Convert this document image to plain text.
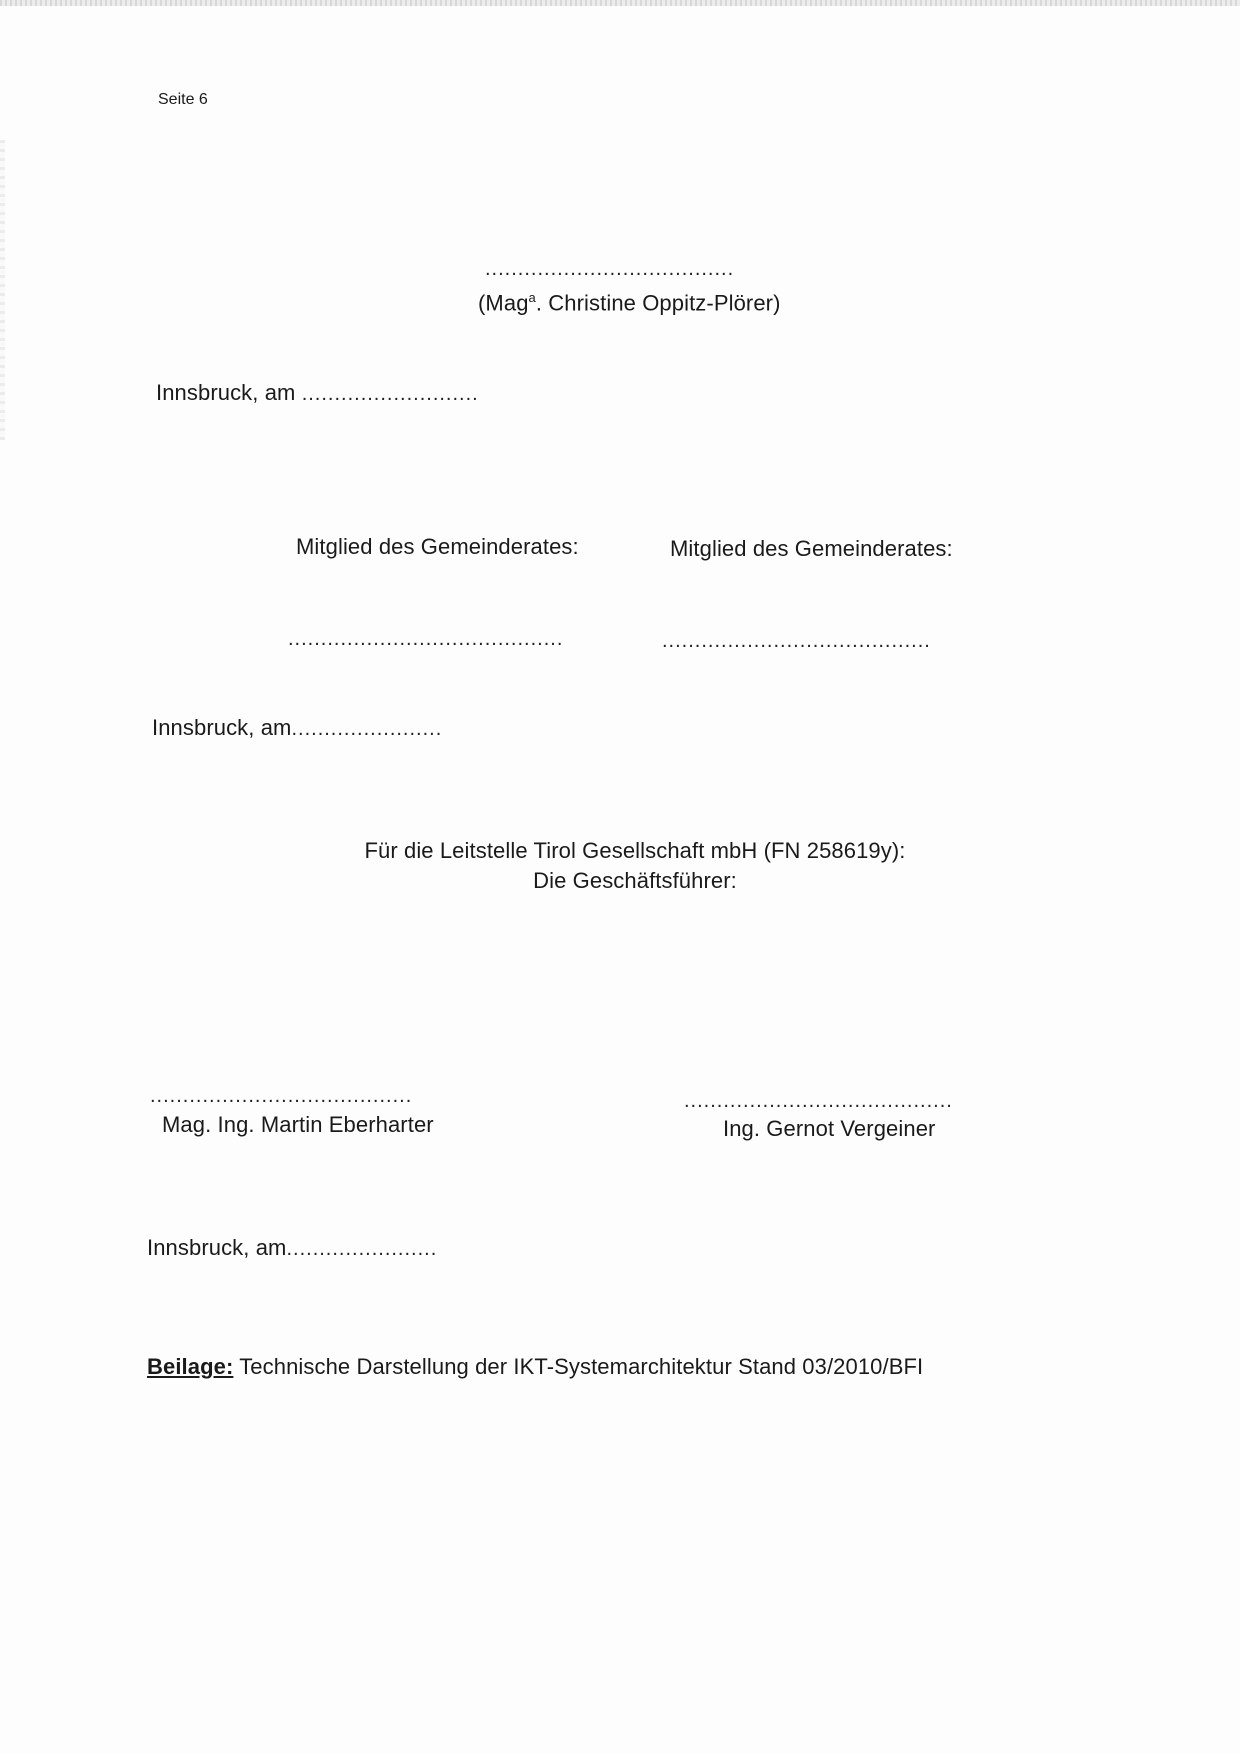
Seite 6
......................................
(Mag$^a$. Christine Oppitz-Plörer)
Innsbruck, am ...........................
Mitglied des Gemeinderates:	Mitglied des Gemeinderates:
..........................................	.........................................
Innsbruck, am.......................
Für die Leitstelle Tirol Gesellschaft mbH (FN 258619y):
Die Geschäftsführer:
........................................
Mag. Ing. Martin Eberharter
.........................................
Ing. Gernot Vergeiner
Innsbruck, am.......................
Beilage: Technische Darstellung der IKT-Systemarchitektur Stand 03/2010/BFI
